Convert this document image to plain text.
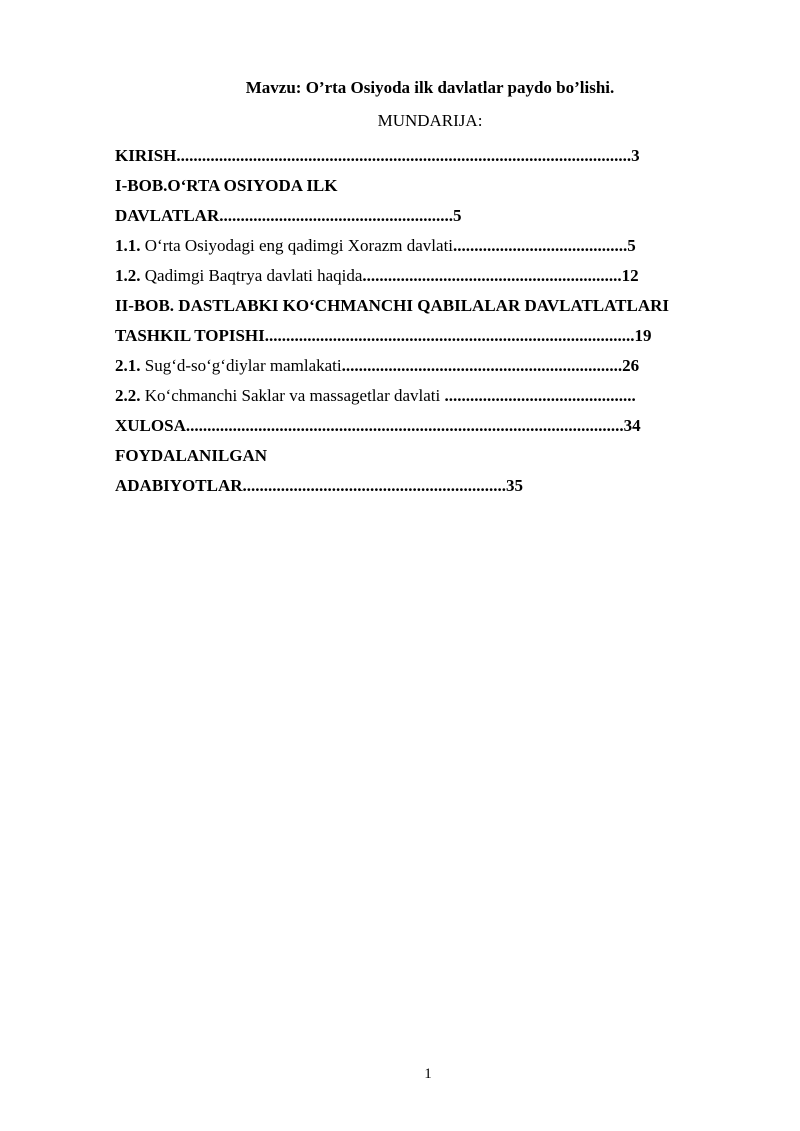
Mavzu: O’rta Osiyoda ilk davlatlar paydo bo’lishi.
MUNDARIJA:
KIRISH...........................................................................................................3
I-BOB.O‘RTA OSIYODA ILK
DAVLATLAR.......................................................5
1.1. O‘rta Osiyodagi eng qadimgi Xorazm davlati.........................................5
1.2. Qadimgi Baqtrya davlati haqida.............................................................12
II-BOB. DASTLABKI KO‘CHMANCHI QABILALAR DAVLATLATLARI
TASHKIL TOPISHI.......................................................................................19
2.1. Sug‘d-so‘g‘diylar mamlakati..................................................................26
2.2. Ko‘chmanchi Saklar va massagetlar davlati .............................................
XULOSA.......................................................................................................34
FOYDALANILGAN
ADABIYOTLAR..............................................................35
1
